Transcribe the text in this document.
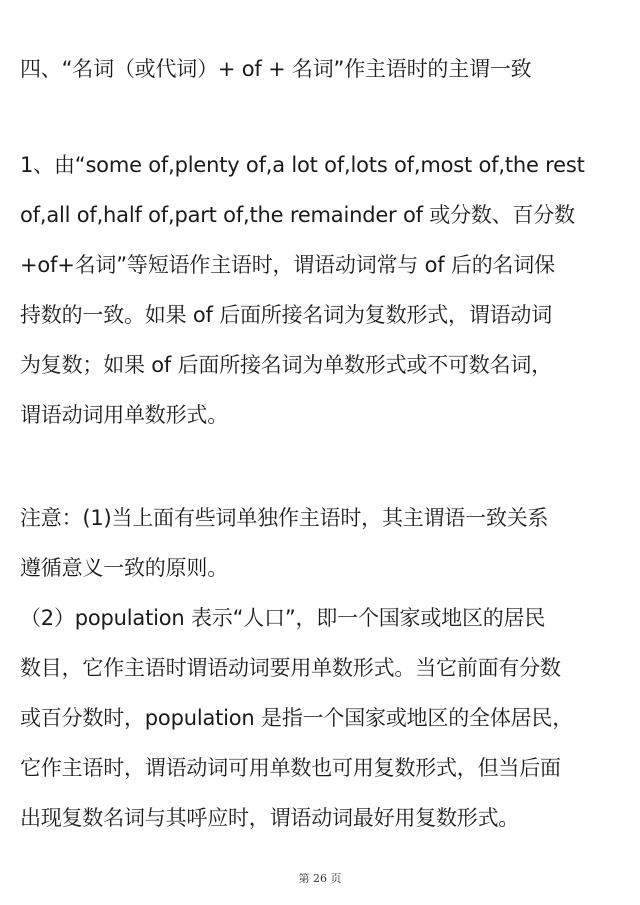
四、“名词（或代词）+ of + 名词”作主语时的主谓一致
1、由“some of,plenty of,a lot of,lots of,most of,the rest
of,all of,half of,part of,the remainder of 或分数、百分数
+of+名词”等短语作主语时，谓语动词常与 of 后的名词保
持数的一致。如果 of 后面所接名词为复数形式，谓语动词
为复数；如果 of 后面所接名词为单数形式或不可数名词，
谓语动词用单数形式。
注意：(1)当上面有些词单独作主语时，其主谓语一致关系
遵循意义一致的原则。
（2）population 表示“人口”，即一个国家或地区的居民
数目，它作主语时谓语动词要用单数形式。当它前面有分数
或百分数时，population 是指一个国家或地区的全体居民，
它作主语时，谓语动词可用单数也可用复数形式，但当后面
出现复数名词与其呼应时，谓语动词最好用复数形式。
第 26 页
